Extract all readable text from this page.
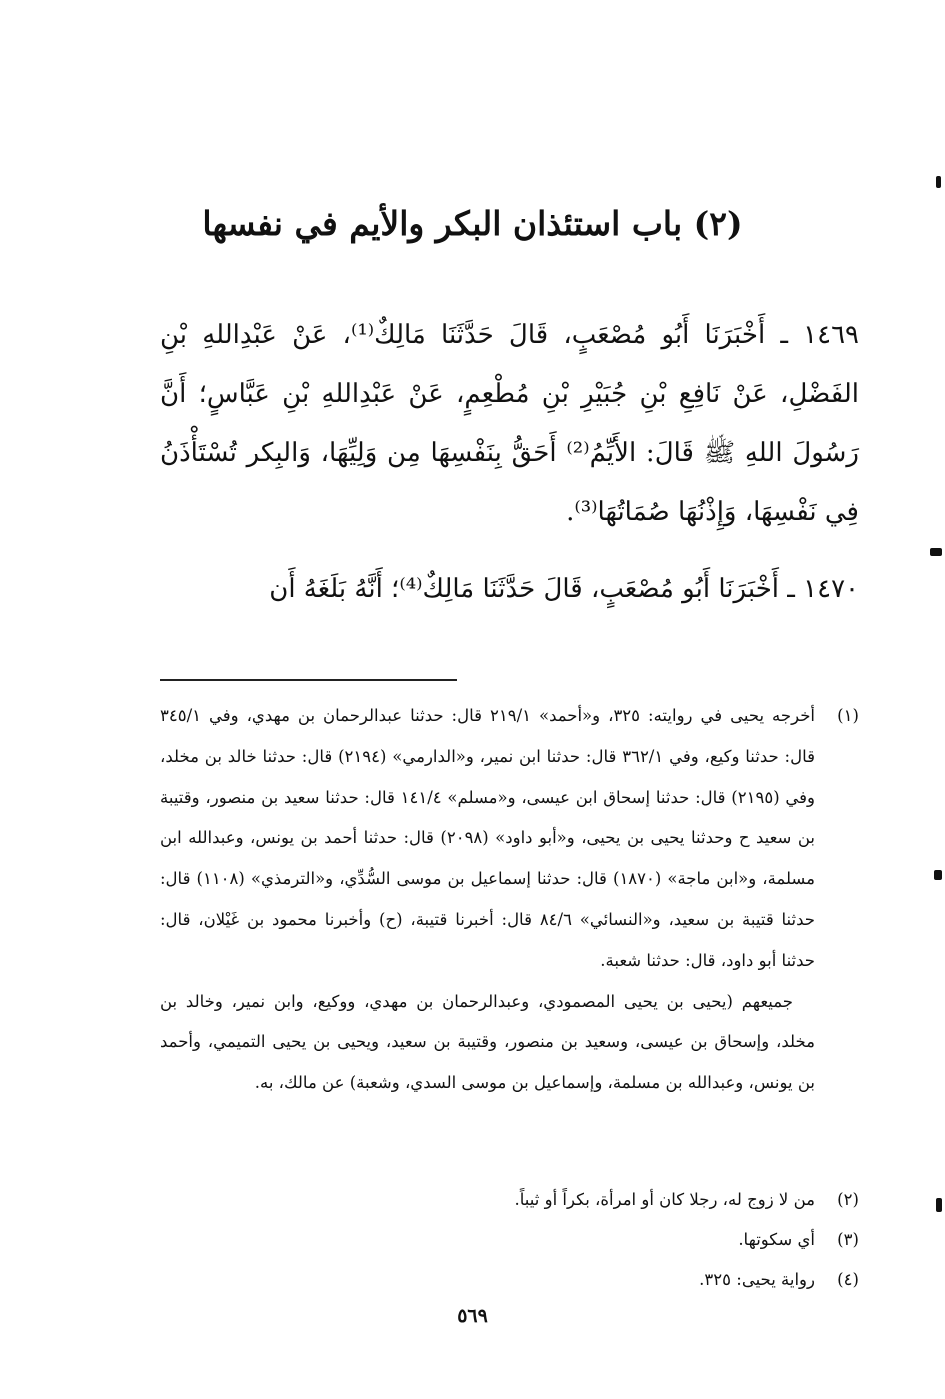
(٢) باب استئذان البكر والأيم في نفسها
١٤٦٩ ـ أَخْبَرَنَا أَبُو مُصْعَبٍ، قَالَ حَدَّثَنَا مَالِكٌ⁽¹⁾، عَنْ عَبْدِاللهِ بْنِ الفَضْلِ، عَنْ نَافِعِ بْنِ جُبَيْرِ بْنِ مُطْعِمٍ، عَنْ عَبْدِاللهِ بْنِ عَبَّاسٍ؛ أَنَّ رَسُولَ اللهِ ﷺ قَالَ: الأَيِّمُ⁽²⁾ أَحَقُّ بِنَفْسِهَا مِن وَلِيِّهَا، وَالبِكر تُسْتَأْذَنُ فِي نَفْسِهَا، وَإِذْنُهَا صُمَاتُهَا⁽³⁾.
١٤٧٠ ـ أَخْبَرَنَا أَبُو مُصْعَبٍ، قَالَ حَدَّثَنَا مَالِكٌ⁽⁴⁾؛ أَنَّهُ بَلَغَهُ أَن
(١)
أخرجه يحيى في روايته: ٣٢٥، و«أحمد» ٢١٩/١ قال: حدثنا عبدالرحمان بن مهدي، وفي ٣٤٥/١ قال: حدثنا وكيع، وفي ٣٦٢/١ قال: حدثنا ابن نمير، و«الدارمي» (٢١٩٤) قال: حدثنا خالد بن مخلد، وفي (٢١٩٥) قال: حدثنا إسحاق ابن عيسى، و«مسلم» ١٤١/٤ قال: حدثنا سعيد بن منصور، وقتيبة بن سعيد ح وحدثنا يحيى بن يحيى، و«أبو داود» (٢٠٩٨) قال: حدثنا أحمد بن يونس، وعبدالله ابن مسلمة، و«ابن ماجة» (١٨٧٠) قال: حدثنا إسماعيل بن موسى السُّدِّي، و«الترمذي» (١١٠٨) قال: حدثنا قتيبة بن سعيد، و«النسائي» ٨٤/٦ قال: أخبرنا قتيبة، (ح) وأخبرنا محمود بن غَيْلان، قال: حدثنا أبو داود، قال: حدثنا شعبة.
جميعهم (يحيى بن يحيى المصمودي، وعبدالرحمان بن مهدي، ووكيع، وابن نمير، وخالد بن مخلد، وإسحاق بن عيسى، وسعيد بن منصور، وقتيبة بن سعيد، ويحيى بن يحيى التميمي، وأحمد بن يونس، وعبدالله بن مسلمة، وإسماعيل بن موسى السدي، وشعبة) عن مالك، به.
(٢)
من لا زوج له، رجلا كان أو امرأة، بكراً أو ثيباً.
(٣)
أي سكوتها.
(٤)
رواية يحيى: ٣٢٥.
٥٦٩
